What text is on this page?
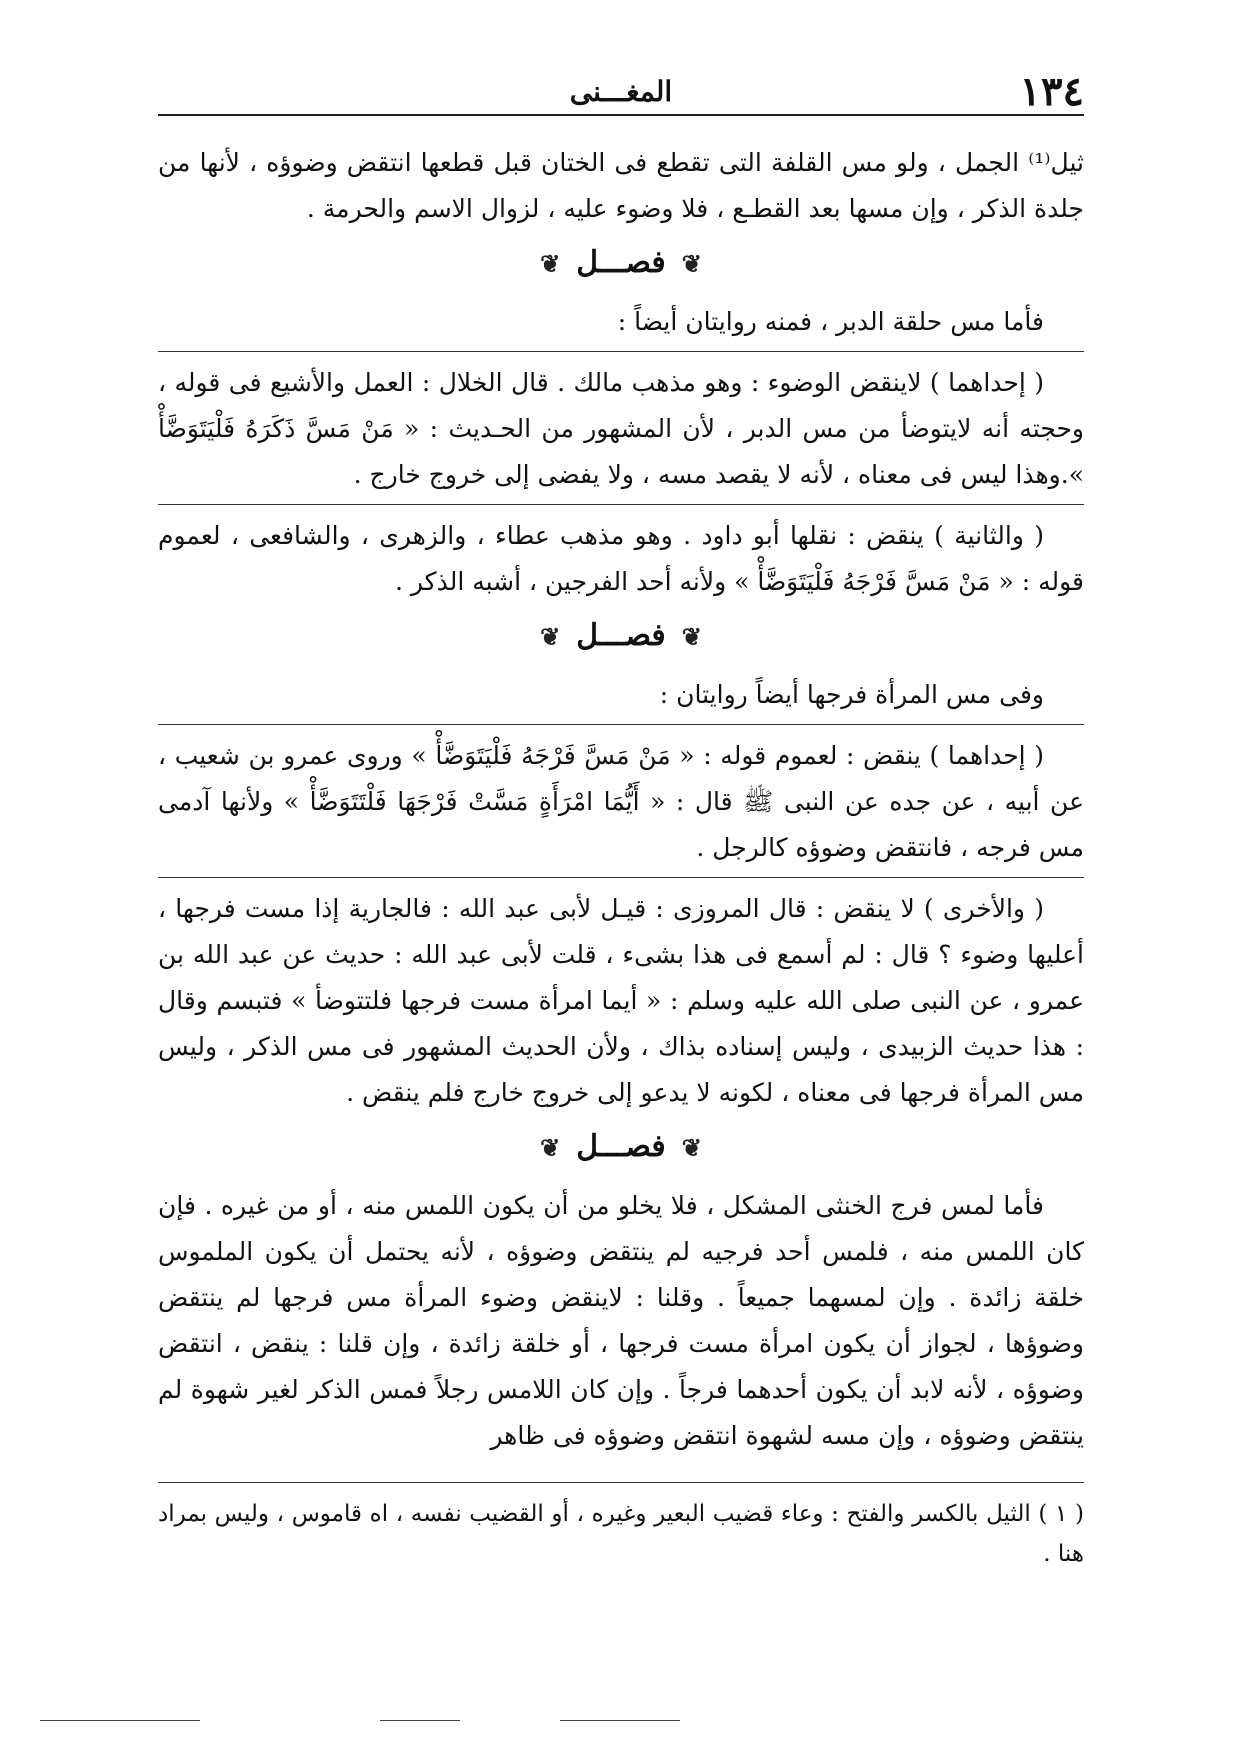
١٣٤
المغـــنى

ثيل⁽¹⁾ الجمل ، ولو مس القلفة التى تقطع فى الختان قبل قطعها انتقض وضوؤه ، لأنها من جلدة الذكر ، وإن مسها بعد القطـع ، فلا وضوء عليه ، لزوال الاسم والحرمة .

❦فصـــل❦

فأما مس حلقة الدبر ، فمنه روايتان أيضاً :

( إحداهما ) لاينقض الوضوء : وهو مذهب مالك . قال الخلال : العمل والأشيع فى قوله ، وحجته أنه لايتوضأ من مس الدبر ، لأن المشهور من الحـديث : « مَنْ مَسَّ ذَكَرَهُ فَلْيَتَوَضَّأْ ».وهذا ليس فى معناه ، لأنه لا يقصد مسه ، ولا يفضى إلى خروج خارج .

( والثانية ) ينقض : نقلها أبو داود . وهو مذهب عطاء ، والزهرى ، والشافعى ، لعموم قوله : « مَنْ مَسَّ فَرْجَهُ فَلْيَتَوَضَّأْ » ولأنه أحد الفرجين ، أشبه الذكر .

❦فصـــل❦

وفى مس المرأة فرجها أيضاً روايتان :

( إحداهما ) ينقض : لعموم قوله : « مَنْ مَسَّ فَرْجَهُ فَلْيَتَوَضَّأْ » وروى عمرو بن شعيب ، عن أبيه ، عن جده عن النبى ﷺ قال : « أَيُّمَا امْرَأَةٍ مَسَّتْ فَرْجَهَا فَلْتَتَوَضَّأْ » ولأنها آدمى مس فرجه ، فانتقض وضوؤه كالرجل .

( والأخرى ) لا ينقض : قال المروزى : قيـل لأبى عبد الله : فالجارية إذا مست فرجها ، أعليها وضوء ؟ قال : لم أسمع فى هذا بشىء ، قلت لأبى عبد الله : حديث عن عبد الله بن عمرو ، عن النبى صلى الله عليه وسلم : « أيما امرأة مست فرجها فلتتوضأ » فتبسم وقال : هذا حديث الزبيدى ، وليس إسناده بذاك ، ولأن الحديث المشهور فى مس الذكر ، وليس مس المرأة فرجها فى معناه ، لكونه لا يدعو إلى خروج خارج فلم ينقض .

❦فصـــل❦

فأما لمس فرج الخنثى المشكل ، فلا يخلو من أن يكون اللمس منه ، أو من غيره . فإن كان اللمس منه ، فلمس أحد فرجيه لم ينتقض وضوؤه ، لأنه يحتمل أن يكون الملموس خلقة زائدة . وإن لمسهما جميعاً . وقلنا : لاينقض وضوء المرأة مس فرجها لم ينتقض وضوؤها ، لجواز أن يكون امرأة مست فرجها ، أو خلقة زائدة ، وإن قلنا : ينقض ، انتقض وضوؤه ، لأنه لابد أن يكون أحدهما فرجاً . وإن كان اللامس رجلاً فمس الذكر لغير شهوة لم ينتقض وضوؤه ، وإن مسه لشهوة انتقض وضوؤه فى ظاهر

( ١ ) الثيل بالكسر والفتح : وعاء قضيب البعير وغيره ، أو القضيب نفسه ، اه قاموس ، وليس بمراد هنا .
